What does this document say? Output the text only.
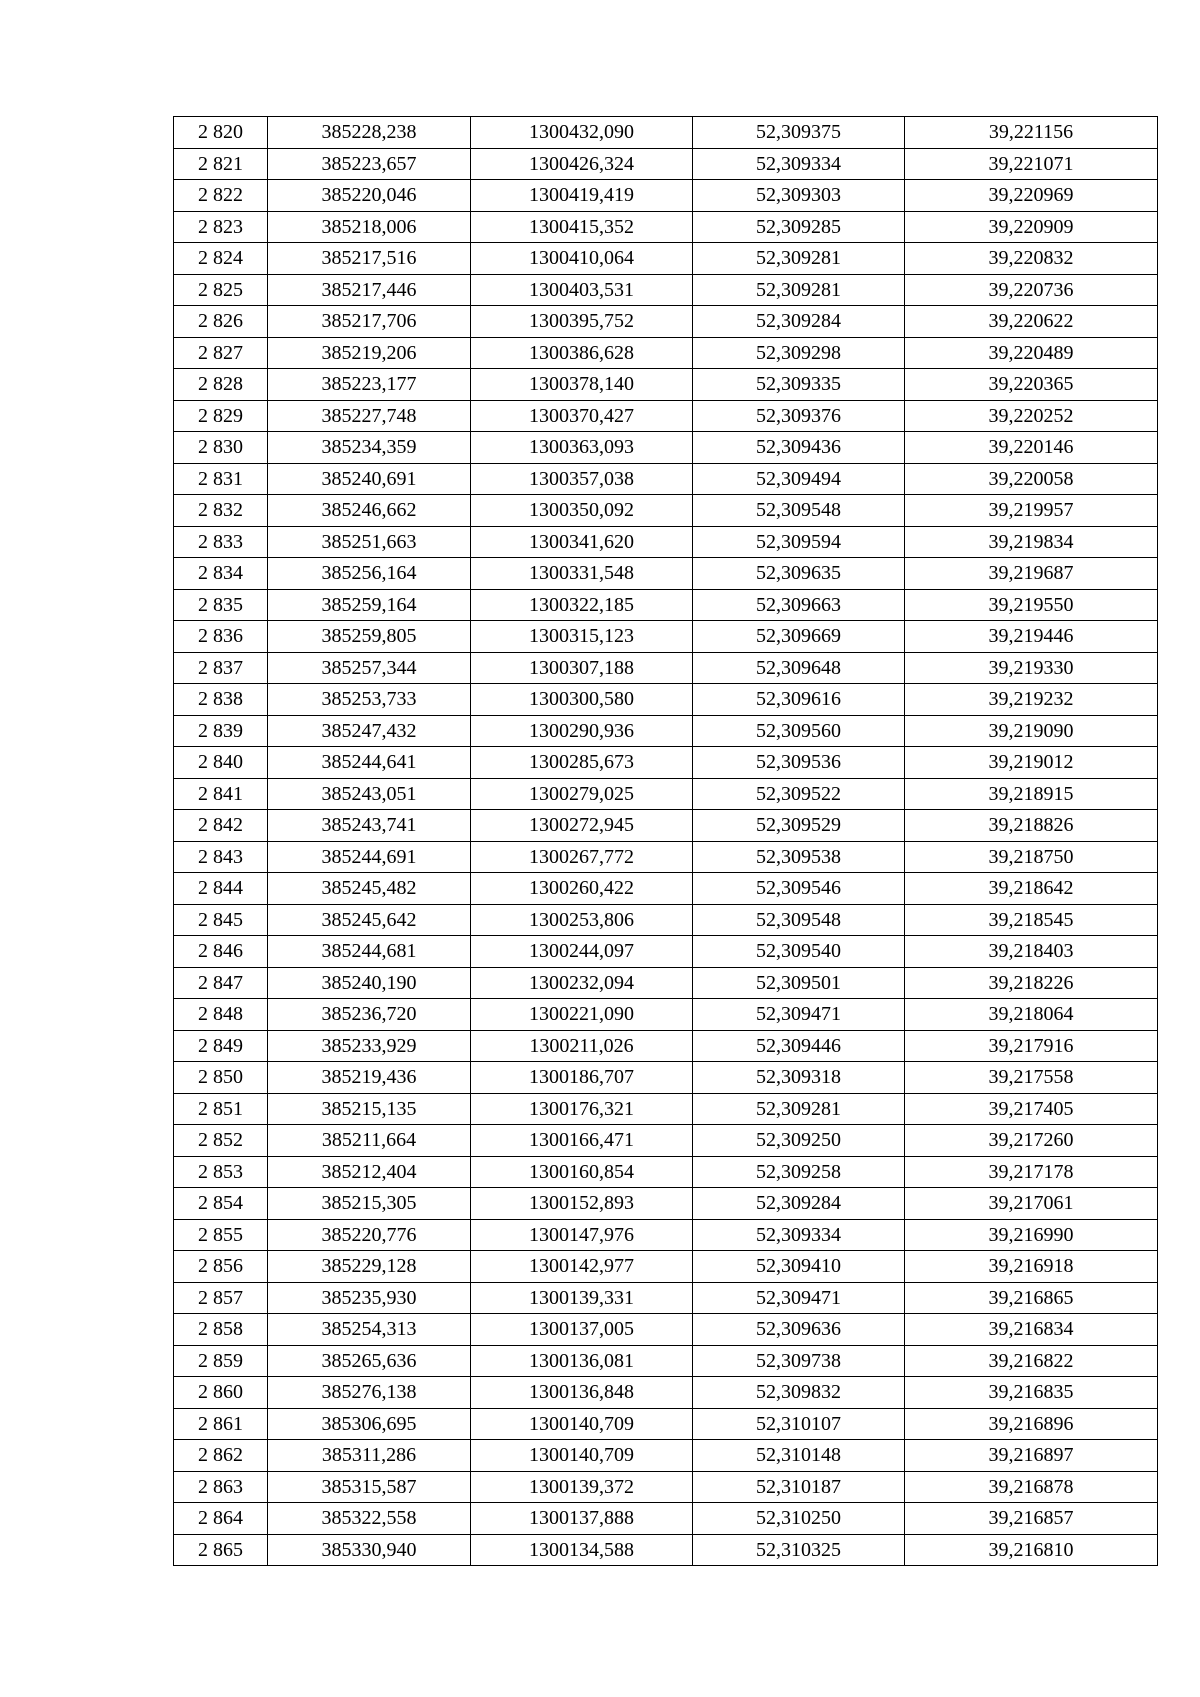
2 820	385228,238	1300432,090	52,309375	39,221156
2 821	385223,657	1300426,324	52,309334	39,221071
2 822	385220,046	1300419,419	52,309303	39,220969
2 823	385218,006	1300415,352	52,309285	39,220909
2 824	385217,516	1300410,064	52,309281	39,220832
2 825	385217,446	1300403,531	52,309281	39,220736
2 826	385217,706	1300395,752	52,309284	39,220622
2 827	385219,206	1300386,628	52,309298	39,220489
2 828	385223,177	1300378,140	52,309335	39,220365
2 829	385227,748	1300370,427	52,309376	39,220252
2 830	385234,359	1300363,093	52,309436	39,220146
2 831	385240,691	1300357,038	52,309494	39,220058
2 832	385246,662	1300350,092	52,309548	39,219957
2 833	385251,663	1300341,620	52,309594	39,219834
2 834	385256,164	1300331,548	52,309635	39,219687
2 835	385259,164	1300322,185	52,309663	39,219550
2 836	385259,805	1300315,123	52,309669	39,219446
2 837	385257,344	1300307,188	52,309648	39,219330
2 838	385253,733	1300300,580	52,309616	39,219232
2 839	385247,432	1300290,936	52,309560	39,219090
2 840	385244,641	1300285,673	52,309536	39,219012
2 841	385243,051	1300279,025	52,309522	39,218915
2 842	385243,741	1300272,945	52,309529	39,218826
2 843	385244,691	1300267,772	52,309538	39,218750
2 844	385245,482	1300260,422	52,309546	39,218642
2 845	385245,642	1300253,806	52,309548	39,218545
2 846	385244,681	1300244,097	52,309540	39,218403
2 847	385240,190	1300232,094	52,309501	39,218226
2 848	385236,720	1300221,090	52,309471	39,218064
2 849	385233,929	1300211,026	52,309446	39,217916
2 850	385219,436	1300186,707	52,309318	39,217558
2 851	385215,135	1300176,321	52,309281	39,217405
2 852	385211,664	1300166,471	52,309250	39,217260
2 853	385212,404	1300160,854	52,309258	39,217178
2 854	385215,305	1300152,893	52,309284	39,217061
2 855	385220,776	1300147,976	52,309334	39,216990
2 856	385229,128	1300142,977	52,309410	39,216918
2 857	385235,930	1300139,331	52,309471	39,216865
2 858	385254,313	1300137,005	52,309636	39,216834
2 859	385265,636	1300136,081	52,309738	39,216822
2 860	385276,138	1300136,848	52,309832	39,216835
2 861	385306,695	1300140,709	52,310107	39,216896
2 862	385311,286	1300140,709	52,310148	39,216897
2 863	385315,587	1300139,372	52,310187	39,216878
2 864	385322,558	1300137,888	52,310250	39,216857
2 865	385330,940	1300134,588	52,310325	39,216810
